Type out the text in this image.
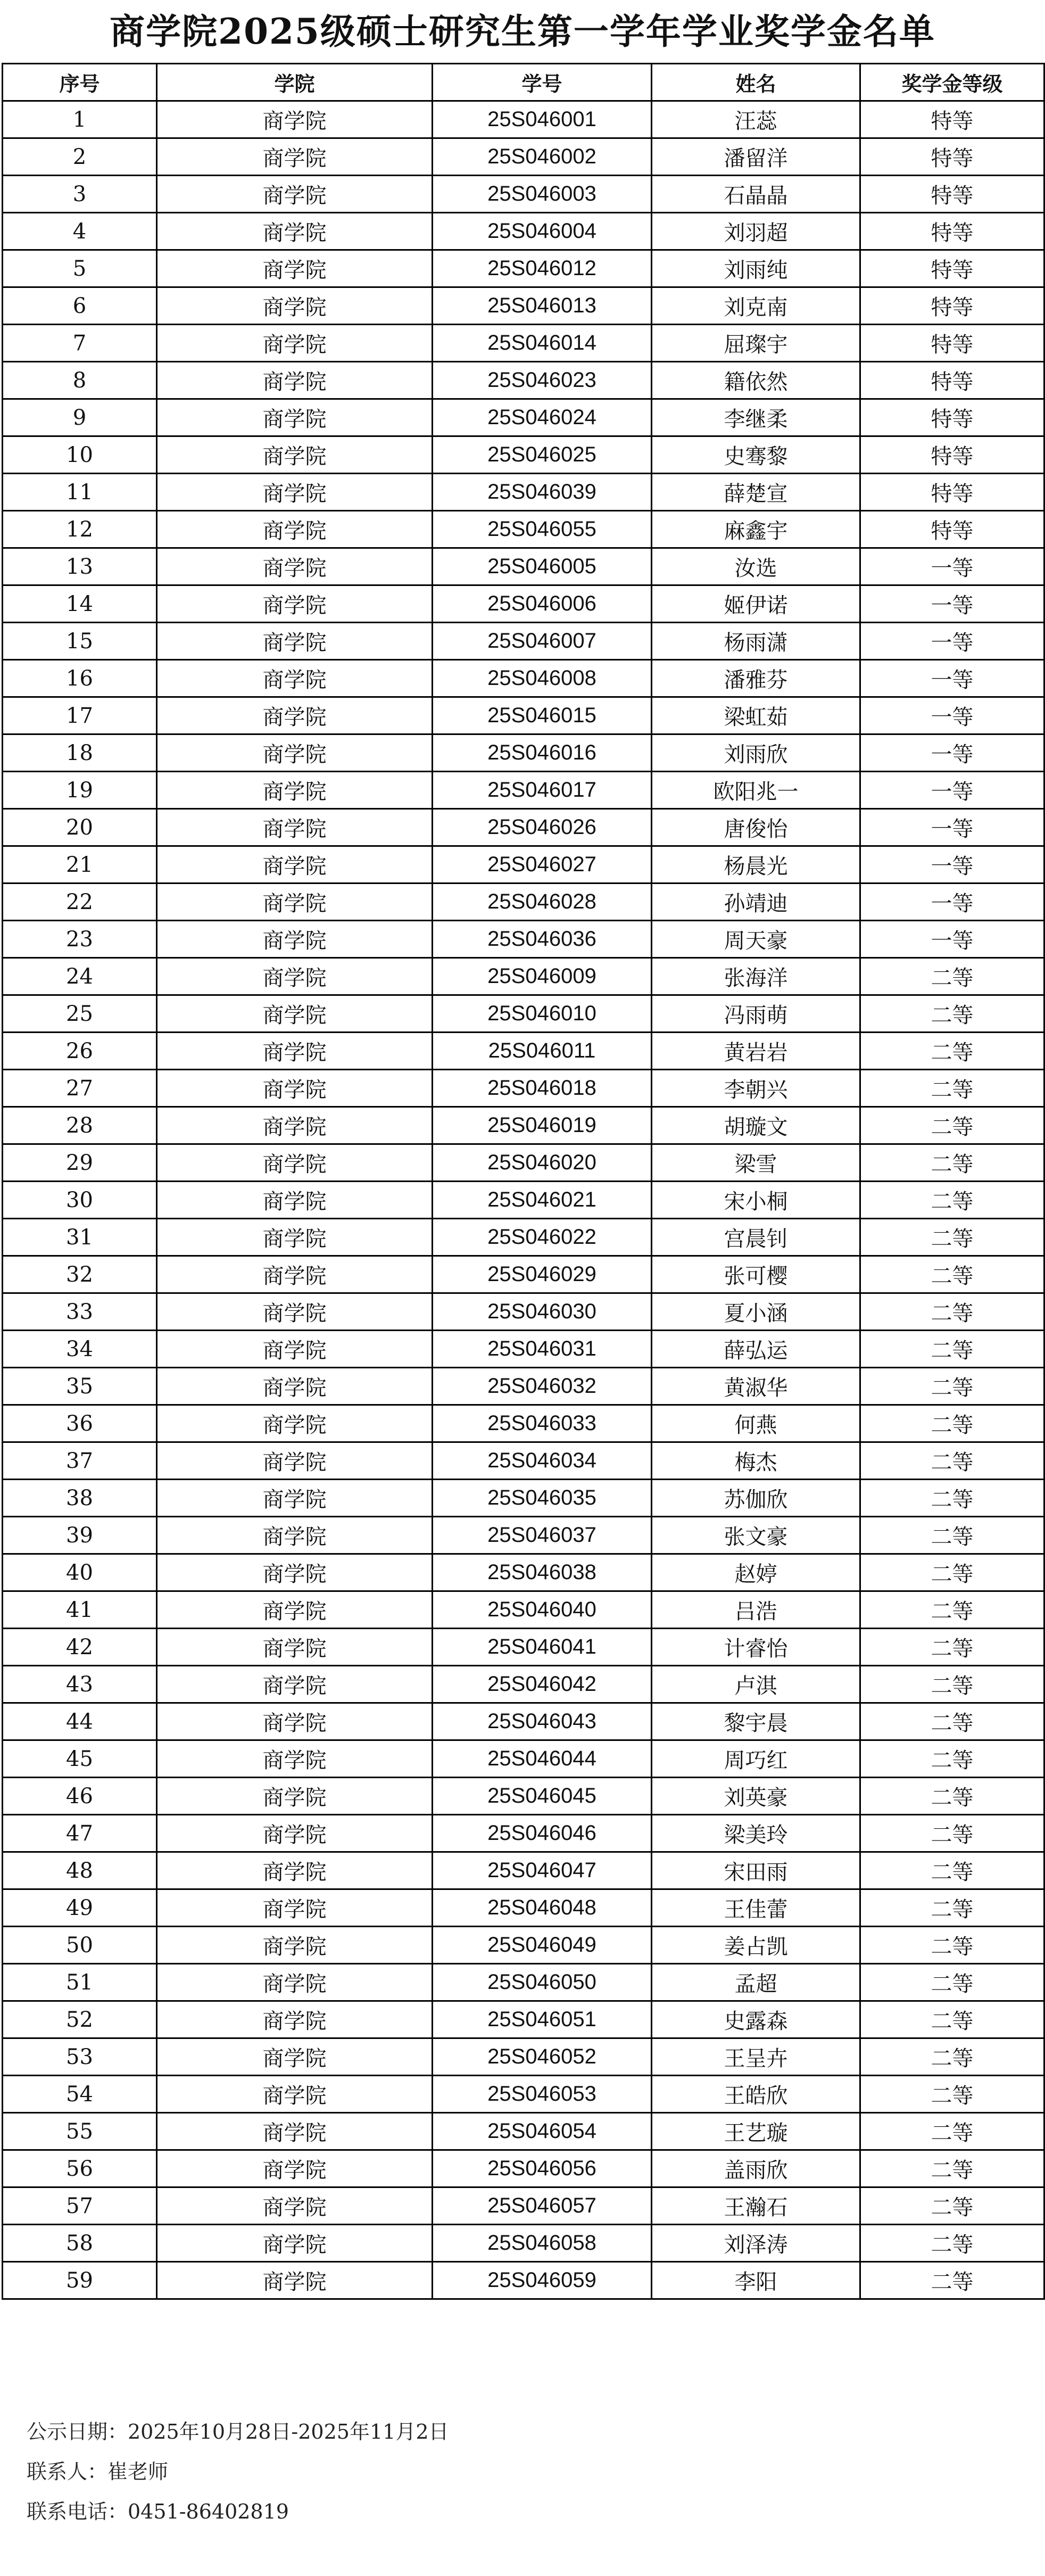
商学院2025级硕士研究生第一学年学业奖学金名单
序号	学院	学号	姓名	奖学金等级
1	商学院	25S046001	汪蕊	特等
2	商学院	25S046002	潘留洋	特等
3	商学院	25S046003	石晶晶	特等
4	商学院	25S046004	刘羽超	特等
5	商学院	25S046012	刘雨纯	特等
6	商学院	25S046013	刘克南	特等
7	商学院	25S046014	屈璨宇	特等
8	商学院	25S046023	籍依然	特等
9	商学院	25S046024	李继柔	特等
10	商学院	25S046025	史骞黎	特等
11	商学院	25S046039	薛楚宣	特等
12	商学院	25S046055	麻鑫宇	特等
13	商学院	25S046005	汝选	一等
14	商学院	25S046006	姬伊诺	一等
15	商学院	25S046007	杨雨潇	一等
16	商学院	25S046008	潘雅芬	一等
17	商学院	25S046015	梁虹茹	一等
18	商学院	25S046016	刘雨欣	一等
19	商学院	25S046017	欧阳兆一	一等
20	商学院	25S046026	唐俊怡	一等
21	商学院	25S046027	杨晨光	一等
22	商学院	25S046028	孙靖迪	一等
23	商学院	25S046036	周天豪	一等
24	商学院	25S046009	张海洋	二等
25	商学院	25S046010	冯雨萌	二等
26	商学院	25S046011	黄岩岩	二等
27	商学院	25S046018	李朝兴	二等
28	商学院	25S046019	胡璇文	二等
29	商学院	25S046020	梁雪	二等
30	商学院	25S046021	宋小桐	二等
31	商学院	25S046022	宫晨钊	二等
32	商学院	25S046029	张可樱	二等
33	商学院	25S046030	夏小涵	二等
34	商学院	25S046031	薛弘运	二等
35	商学院	25S046032	黄淑华	二等
36	商学院	25S046033	何燕	二等
37	商学院	25S046034	梅杰	二等
38	商学院	25S046035	苏伽欣	二等
39	商学院	25S046037	张文豪	二等
40	商学院	25S046038	赵婷	二等
41	商学院	25S046040	吕浩	二等
42	商学院	25S046041	计睿怡	二等
43	商学院	25S046042	卢淇	二等
44	商学院	25S046043	黎宇晨	二等
45	商学院	25S046044	周巧红	二等
46	商学院	25S046045	刘英豪	二等
47	商学院	25S046046	梁美玲	二等
48	商学院	25S046047	宋田雨	二等
49	商学院	25S046048	王佳蕾	二等
50	商学院	25S046049	姜占凯	二等
51	商学院	25S046050	孟超	二等
52	商学院	25S046051	史露森	二等
53	商学院	25S046052	王呈卉	二等
54	商学院	25S046053	王皓欣	二等
55	商学院	25S046054	王艺璇	二等
56	商学院	25S046056	盖雨欣	二等
57	商学院	25S046057	王瀚石	二等
58	商学院	25S046058	刘泽涛	二等
59	商学院	25S046059	李阳	二等
公示日期：2025年10月28日-2025年11月2日
联系人：崔老师
联系电话：0451-86402819
